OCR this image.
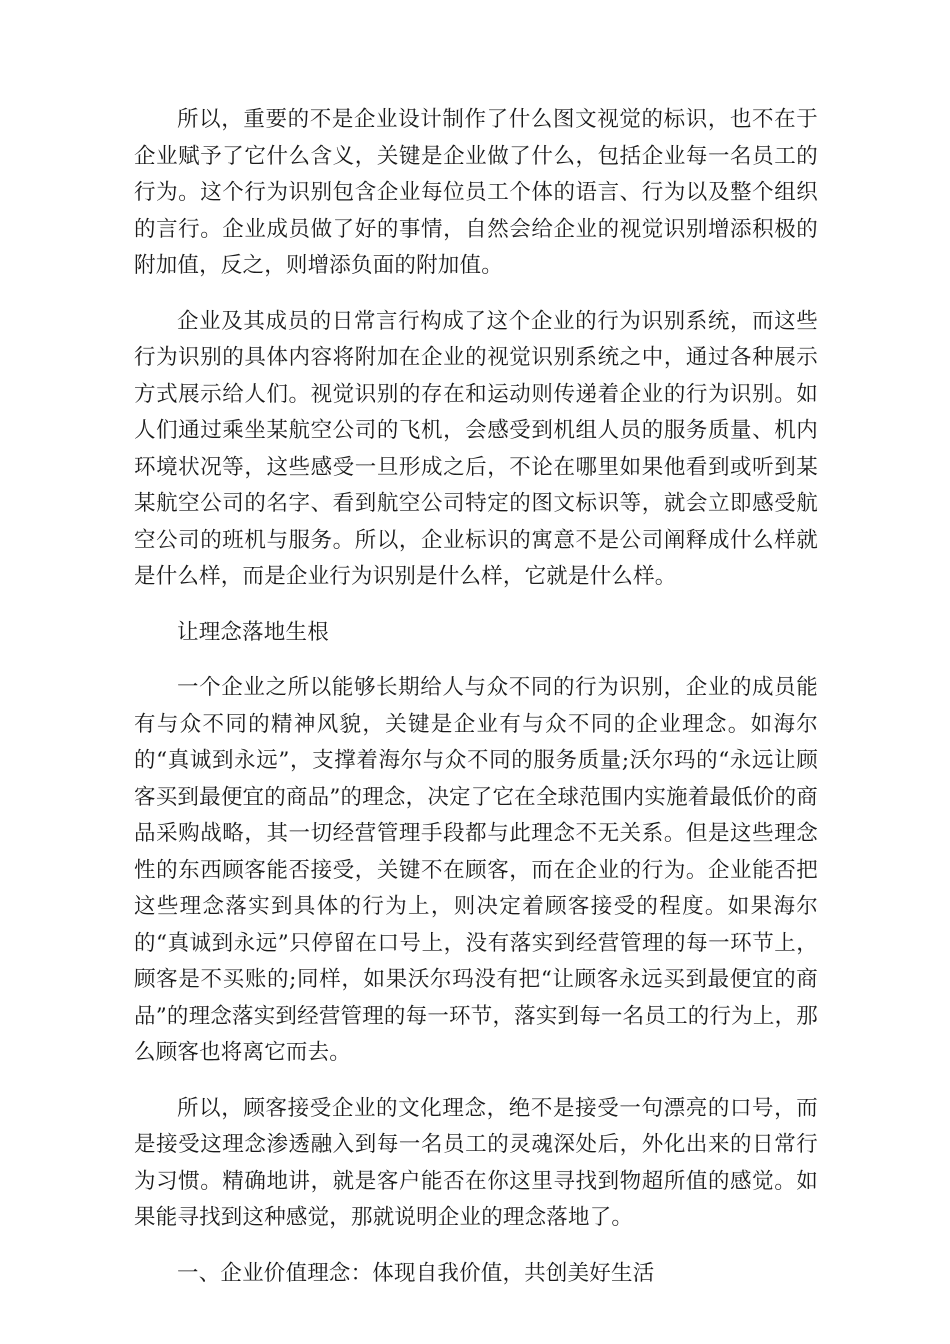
所以，重要的不是企业设计制作了什么图文视觉的标识，也不在于企业赋予了它什么含义，关键是企业做了什么，包括企业每一名员工的行为。这个行为识别包含企业每位员工个体的语言、行为以及整个组织的言行。企业成员做了好的事情，自然会给企业的视觉识别增添积极的附加值，反之，则增添负面的附加值。

企业及其成员的日常言行构成了这个企业的行为识别系统，而这些行为识别的具体内容将附加在企业的视觉识别系统之中，通过各种展示方式展示给人们。视觉识别的存在和运动则传递着企业的行为识别。如人们通过乘坐某航空公司的飞机，会感受到机组人员的服务质量、机内环境状况等，这些感受一旦形成之后，不论在哪里如果他看到或听到某某航空公司的名字、看到航空公司特定的图文标识等，就会立即感受航空公司的班机与服务。所以，企业标识的寓意不是公司阐释成什么样就是什么样，而是企业行为识别是什么样，它就是什么样。

让理念落地生根

一个企业之所以能够长期给人与众不同的行为识别，企业的成员能有与众不同的精神风貌，关键是企业有与众不同的企业理念。如海尔的“真诚到永远”，支撑着海尔与众不同的服务质量;沃尔玛的“永远让顾客买到最便宜的商品”的理念，决定了它在全球范围内实施着最低价的商品采购战略，其一切经营管理手段都与此理念不无关系。但是这些理念性的东西顾客能否接受，关键不在顾客，而在企业的行为。企业能否把这些理念落实到具体的行为上，则决定着顾客接受的程度。如果海尔的“真诚到永远”只停留在口号上，没有落实到经营管理的每一环节上，顾客是不买账的;同样，如果沃尔玛没有把“让顾客永远买到最便宜的商品”的理念落实到经营管理的每一环节，落实到每一名员工的行为上，那么顾客也将离它而去。

所以，顾客接受企业的文化理念，绝不是接受一句漂亮的口号，而是接受这理念渗透融入到每一名员工的灵魂深处后，外化出来的日常行为习惯。精确地讲，就是客户能否在你这里寻找到物超所值的感觉。如果能寻找到这种感觉，那就说明企业的理念落地了。

一、企业价值理念：体现自我价值，共创美好生活
